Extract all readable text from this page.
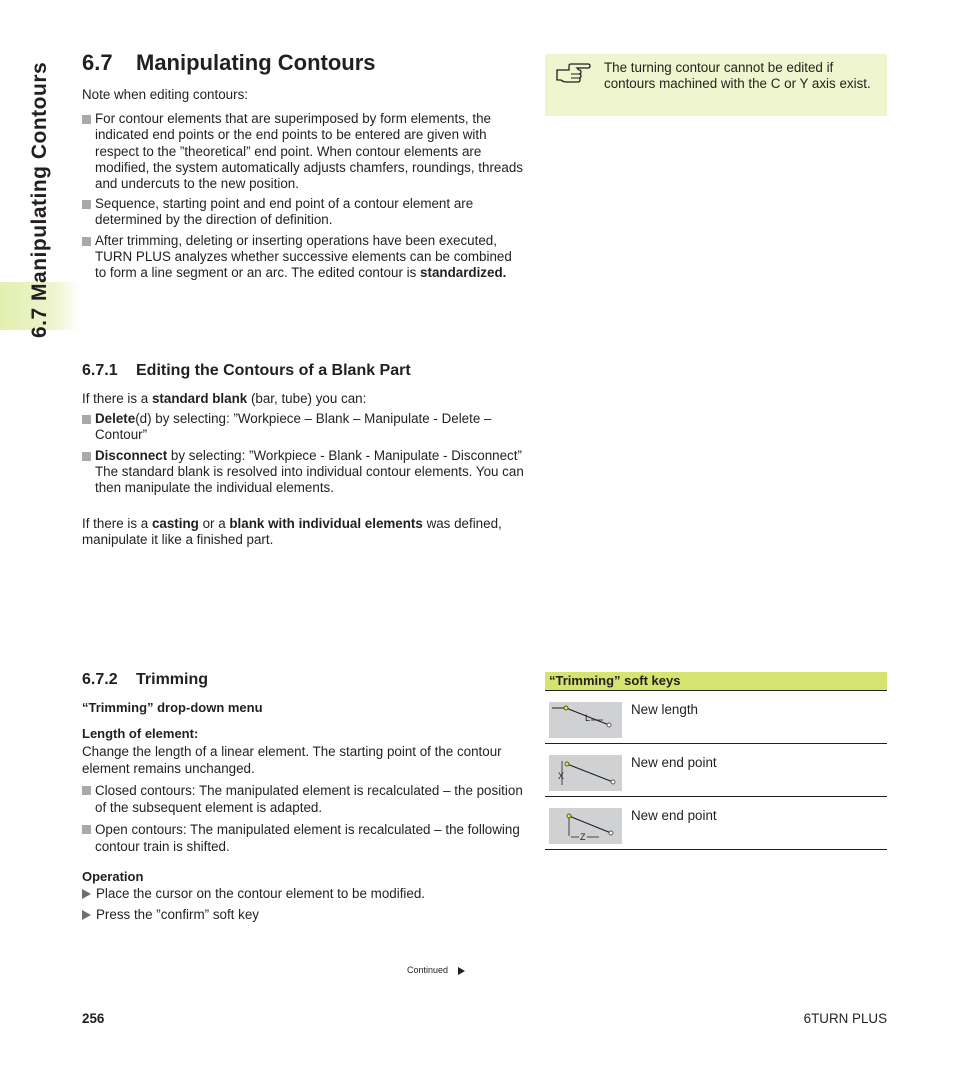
6.7 Manipulating Contours 6.7 Manipulating Contours

Note when editing contours:

For contour elements that are superimposed by form elements, the indicated end points or the end points to be entered are given with respect to the ”theoretical” end point. When contour elements are modified, the system automatically adjusts chamfers, roundings, threads and undercuts to the new position.

Sequence, starting point and end point of a contour element are determined by the direction of definition.

After trimming, deleting or inserting operations have been executed, TURN PLUS analyzes whether successive elements can be combined to form a line segment or an arc. The edited contour is standardized.

The turning contour cannot be edited if contours machined with the C or Y axis exist.
6.7.1 Editing the Contours of a Blank Part

If there is a standard blank (bar, tube) you can:

Delete(d) by selecting: ”Workpiece – Blank – Manipulate - Delete – Contour”

Disconnect by selecting: ”Workpiece - Blank - Manipulate - Disconnect”
The standard blank is resolved into individual contour elements. You can then manipulate the individual elements.

If there is a casting or a blank with individual elements was defined, manipulate it like a finished part.

6.7.2 Trimming

“Trimming” drop-down menu

Length of element:

Change the length of a linear element. The starting point of the contour element remains unchanged.

Closed contours: The manipulated element is recalculated – the position of the subsequent element is adapted.

Open contours: The manipulated element is recalculated – the following contour train is shifted.

Operation

Place the cursor on the contour element to be modified.

Press the ”confirm” soft key

“Trimming” soft keys
L
New length
X
New end point
Z
New end point
Continued
256	6TURN PLUS
